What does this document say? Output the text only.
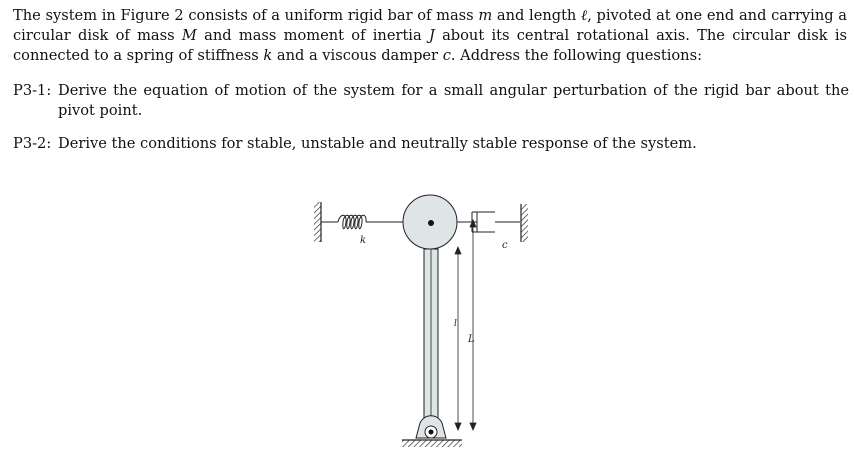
The system in Figure 2 consists of a uniform rigid bar of mass m and length ℓ, pivoted at one end and carrying a circular disk of mass M and mass moment of inertia J about its central rotational axis. The circular disk is connected to a spring of stiffness k and a viscous damper c. Address the following questions:
P3-1: Derive the equation of motion of the system for a small angular perturbation of the rigid bar about the pivot point.
P3-2: Derive the conditions for stable, unstable and neutrally stable response of the system.
k	c
l
L
